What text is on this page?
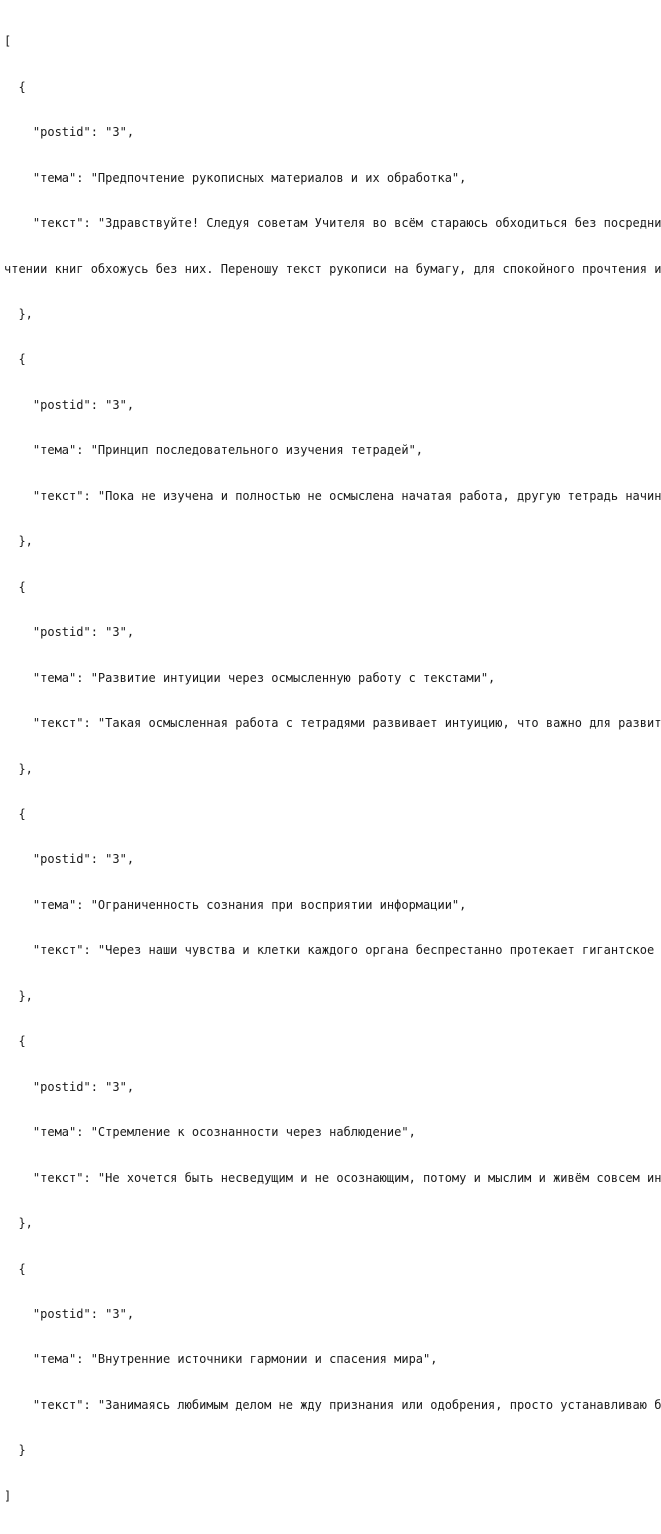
[

{

"postid": "3",

"тема": "Предпочтение рукописных материалов и их обработка",

"текст": "Здравствуйте! Следуя советам Учителя во всём стараюсь обходиться без посредни

чтении книг обхожусь без них. Переношу текст рукописи на бумагу, для спокойного прочтения и

},

{

"postid": "3",

"тема": "Принцип последовательного изучения тетрадей",

"текст": "Пока не изучена и полностью не осмыслена начатая работа, другую тетрадь начин

},

{

"postid": "3",

"тема": "Развитие интуиции через осмысленную работу с текстами",

"текст": "Такая осмысленная работа с тетрадями развивает интуицию, что важно для развит

},

{

"postid": "3",

"тема": "Ограниченность сознания при восприятии информации",

"текст": "Через наши чувства и клетки каждого органа беспрестанно протекает гигантское

},

{

"postid": "3",

"тема": "Стремление к осознанности через наблюдение",

"текст": "Не хочется быть несведущим и не осознающим, потому и мыслим и живём совсем ин

},

{

"postid": "3",

"тема": "Внутренние источники гармонии и спасения мира",

"текст": "Занимаясь любимым делом не жду признания или одобрения, просто устанавливаю б

}

]
